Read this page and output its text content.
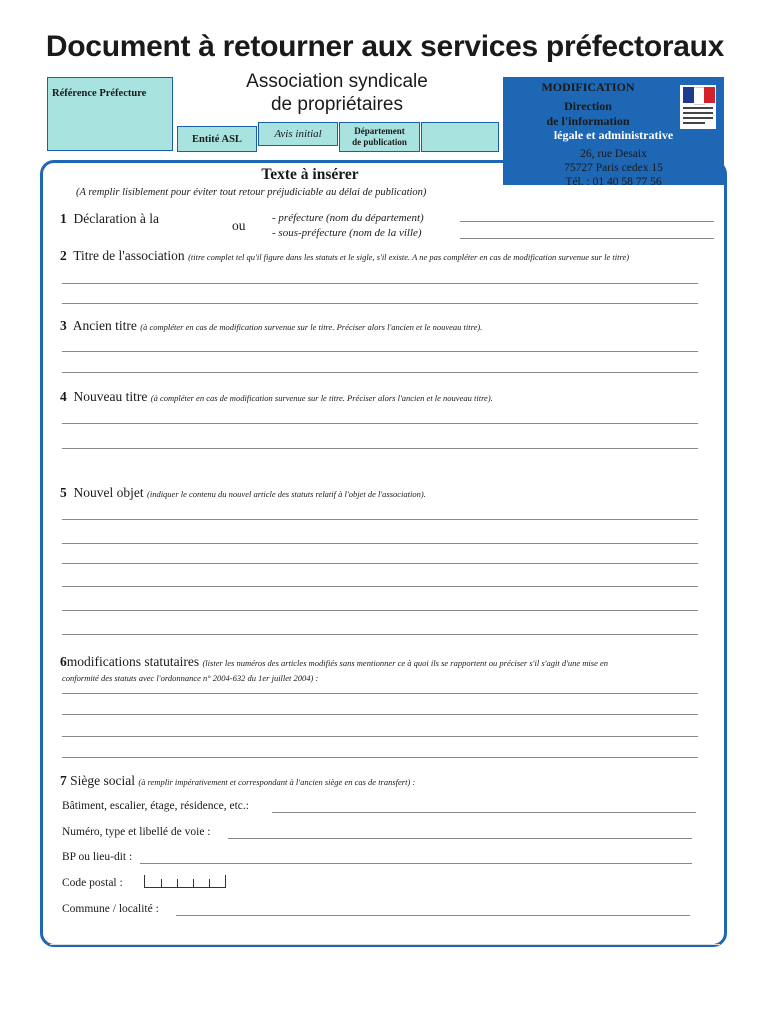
Document à retourner aux services préfectoraux
Référence Préfecture
Association syndicale
de propriétaires
Entité ASL	Avis initial	Département
de publication
MODIFICATION
Direction
de l'information
légale et administrative
26, rue Desaix
75727 Paris cedex 15
Tél. : 01 40 58 77 56
Texte à insérer
(A remplir lisiblement pour éviter tout retour préjudiciable au délai de publication)
1 Déclaration à la	ou - préfecture (nom du département)
- sous-préfecture (nom de la ville)
2 Titre de l'association (titre complet tel qu'il figure dans les statuts et le sigle, s'il existe. A ne pas compléter en cas de modification survenue sur le titre)
3 Ancien titre (à compléter en cas de modification survenue sur le titre. Préciser alors l'ancien et le nouveau titre).
4 Nouveau titre (à compléter en cas de modification survenue sur le titre. Préciser alors l'ancien et le nouveau titre).
5 Nouvel objet (indiquer le contenu du nouvel article des statuts relatif à l'objet de l'association).
6modifications statutaires (lister les numéros des articles modifiés sans mentionner ce à quoi ils se rapportent ou préciser s'il s'agit d'une mise en
conformité des statuts avec l'ordonnance n° 2004-632 du 1er juillet 2004) :
7 Siège social (à remplir impérativement et correspondant à l'ancien siège en cas de transfert) :
Bâtiment, escalier, étage, résidence, etc.:
Numéro, type et libellé de voie :
BP ou lieu-dit :
Code postal :
Commune / localité :
